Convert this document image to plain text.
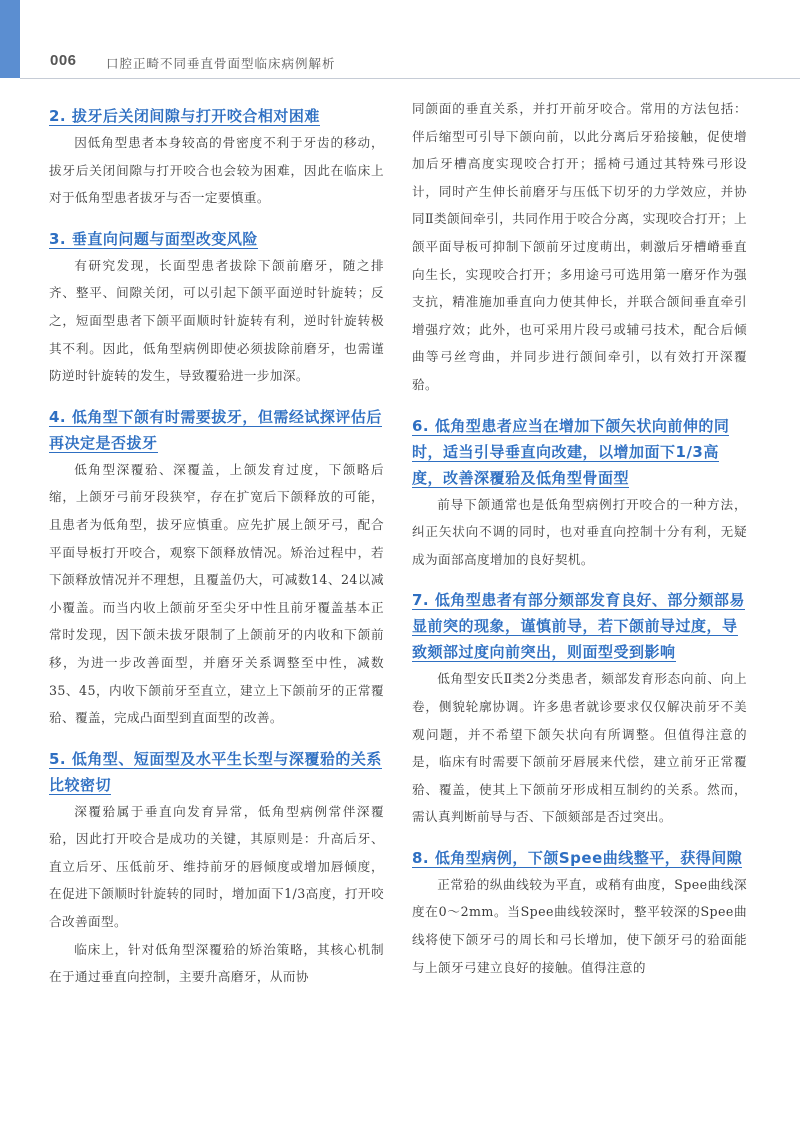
006 口腔正畸不同垂直骨面型临床病例解析
2. 拔牙后关闭间隙与打开咬合相对困难

因低角型患者本身较高的骨密度不利于牙齿的移动，拔牙后关闭间隙与打开咬合也会较为困难，因此在临床上对于低角型患者拔牙与否一定要慎重。

3. 垂直向问题与面型改变风险

有研究发现，长面型患者拔除下颌前磨牙，随之排齐、整平、间隙关闭，可以引起下颌平面逆时针旋转；反之，短面型患者下颌平面顺时针旋转有利，逆时针旋转极其不利。因此，低角型病例即使必须拔除前磨牙，也需谨防逆时针旋转的发生，导致覆𬌗进一步加深。

4. 低角型下颌有时需要拔牙，但需经试探评估后再决定是否拔牙

低角型深覆𬌗、深覆盖，上颌发育过度，下颌略后缩，上颌牙弓前牙段狭窄，存在扩宽后下颌释放的可能，且患者为低角型，拔牙应慎重。应先扩展上颌牙弓，配合平面导板打开咬合，观察下颌释放情况。矫治过程中，若下颌释放情况并不理想，且覆盖仍大，可减数14、24以减小覆盖。而当内收上颌前牙至尖牙中性且前牙覆盖基本正常时发现，因下颌未拔牙限制了上颌前牙的内收和下颌前移，为进一步改善面型，并磨牙关系调整至中性，减数35、45，内收下颌前牙至直立，建立上下颌前牙的正常覆𬌗、覆盖，完成凸面型到直面型的改善。

5. 低角型、短面型及水平生长型与深覆𬌗的关系比较密切

深覆𬌗属于垂直向发育异常，低角型病例常伴深覆𬌗，因此打开咬合是成功的关键，其原则是：升高后牙、直立后牙、压低前牙、维持前牙的唇倾度或增加唇倾度，在促进下颌顺时针旋转的同时，增加面下1/3高度，打开咬合改善面型。

临床上，针对低角型深覆𬌗的矫治策略，其核心机制在于通过垂直向控制，主要升高磨牙，从而协

同颌面的垂直关系，并打开前牙咬合。常用的方法包括：伴后缩型可引导下颌向前，以此分离后牙𬌗接触，促使增加后牙槽高度实现咬合打开；摇椅弓通过其特殊弓形设计，同时产生伸长前磨牙与压低下切牙的力学效应，并协同Ⅱ类颌间牵引，共同作用于咬合分离，实现咬合打开；上颌平面导板可抑制下颌前牙过度萌出，刺激后牙槽嵴垂直向生长，实现咬合打开；多用途弓可选用第一磨牙作为强支抗，精准施加垂直向力使其伸长，并联合颌间垂直牵引增强疗效；此外，也可采用片段弓或辅弓技术，配合后倾曲等弓丝弯曲，并同步进行颌间牵引，以有效打开深覆𬌗。

6. 低角型患者应当在增加下颌矢状向前伸的同时，适当引导垂直向改建，以增加面下1/3高度，改善深覆𬌗及低角型骨面型

前导下颌通常也是低角型病例打开咬合的一种方法，纠正矢状向不调的同时，也对垂直向控制十分有利，无疑成为面部高度增加的良好契机。

7. 低角型患者有部分颏部发育良好、部分颏部易显前突的现象，谨慎前导，若下颌前导过度，导致颏部过度向前突出，则面型受到影响

低角型安氏Ⅱ类2分类患者，颏部发育形态向前、向上卷，侧貌轮廓协调。许多患者就诊要求仅仅解决前牙不美观问题，并不希望下颌矢状向有所调整。但值得注意的是，临床有时需要下颌前牙唇展来代偿，建立前牙正常覆𬌗、覆盖，使其上下颌前牙形成相互制约的关系。然而，需认真判断前导与否、下颌颏部是否过突出。

8. 低角型病例，下颌Spee曲线整平，获得间隙

正常𬌗的纵曲线较为平直，或稍有曲度，Spee曲线深度在0～2mm。当Spee曲线较深时，整平较深的Spee曲线将使下颌牙弓的周长和弓长增加，使下颌牙弓的𬌗面能与上颌牙弓建立良好的接触。值得注意的
